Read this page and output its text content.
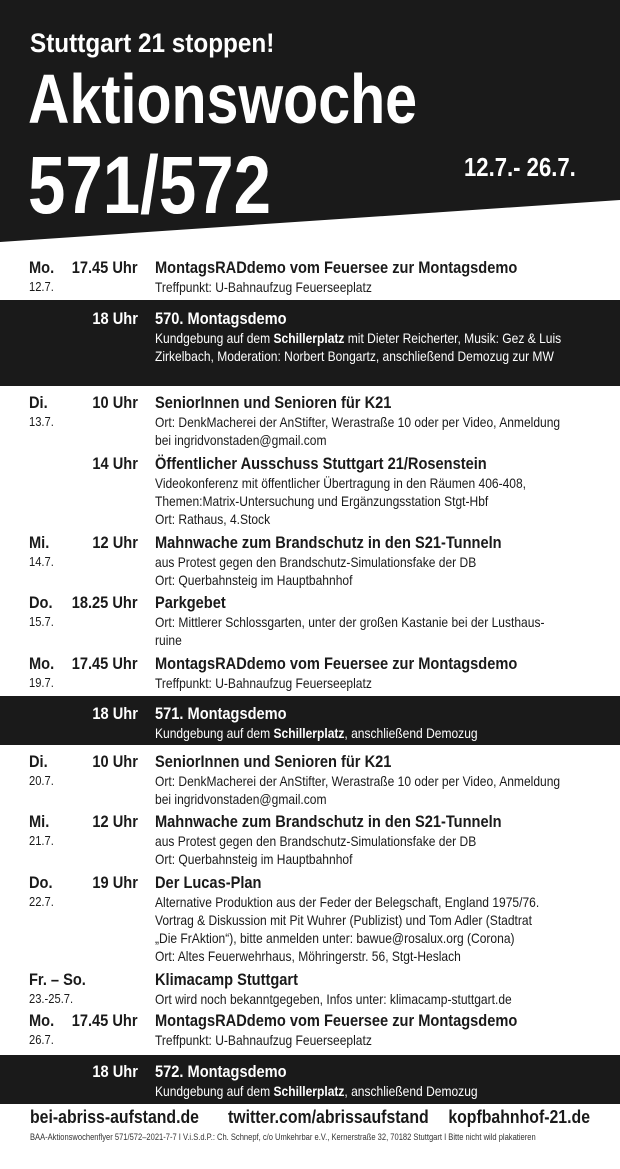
Stuttgart 21 stoppen!
Aktionswoche
571/572	12.7.- 26.7.
Mo. 17.45 Uhr
12.7.
MontagsRADdemo vom Feuersee zur Montagsdemo
Treffpunkt: U-Bahnaufzug Feuerseeplatz
18 Uhr 570. Montagsdemo
Kundgebung auf dem Schillerplatz mit Dieter Reicherter, Musik: Gez & Luis Zirkelbach, Moderation: Norbert Bongartz, anschließend Demozug zur MW
Di.	10 Uhr
13.7.
SeniorInnen und Senioren für K21
Ort: DenkMacherei der AnStifter, Werastraße 10 oder per Video, Anmeldung
bei ingridvonstaden@gmail.com
14 Uhr Öffentlicher Ausschuss Stuttgart 21/Rosenstein
Videokonferenz mit öffentlicher Übertragung in den Räumen 406-408,
Themen:Matrix-Untersuchung und Ergänzungsstation Stgt-Hbf
Ort: Rathaus, 4.Stock
Mi.	12 Uhr
14.7.
Mahnwache zum Brandschutz in den S21-Tunneln
aus Protest gegen den Brandschutz-Simulationsfake der DB
Ort: Querbahnsteig im Hauptbahnhof
Do. 18.25 Uhr
15.7.
Parkgebet
Ort: Mittlerer Schlossgarten, unter der großen Kastanie bei der Lusthaus-
ruine
Mo. 17.45 Uhr
19.7.
MontagsRADdemo vom Feuersee zur Montagsdemo
Treffpunkt: U-Bahnaufzug Feuerseeplatz
18 Uhr 571. Montagsdemo
Kundgebung auf dem Schillerplatz, anschließend Demozug
Di.	10 Uhr
20.7.
SeniorInnen und Senioren für K21
Ort: DenkMacherei der AnStifter, Werastraße 10 oder per Video, Anmeldung
bei ingridvonstaden@gmail.com
Mi.	12 Uhr
21.7.
Mahnwache zum Brandschutz in den S21-Tunneln
aus Protest gegen den Brandschutz-Simulationsfake der DB
Ort: Querbahnsteig im Hauptbahnhof
Do. 19 Uhr
22.7.
Der Lucas-Plan
Alternative Produktion aus der Feder der Belegschaft, England 1975/76.
Vortrag & Diskussion mit Pit Wuhrer (Publizist) und Tom Adler (Stadtrat
„Die FrAktion“), bitte anmelden unter: bawue@rosalux.org (Corona)
Ort: Altes Feuerwehrhaus, Möhringerstr. 56, Stgt-Heslach
Fr. – So.
23.-25.7.
Klimacamp Stuttgart
Ort wird noch bekanntgegeben, Infos unter: klimacamp-stuttgart.de
Mo. 17.45 Uhr
26.7.
MontagsRADdemo vom Feuersee zur Montagsdemo
Treffpunkt: U-Bahnaufzug Feuerseeplatz
18 Uhr 572. Montagsdemo
Kundgebung auf dem Schillerplatz, anschließend Demozug
bei-abriss-aufstand.de twitter.com/abrissaufstand kopfbahnhof-21.de
BAA-Aktionswochenflyer 571/572–2021-7-7 I V.i.S.d.P.: Ch. Schnepf, c/o Umkehrbar e.V., Kernerstraße 32, 70182 Stuttgart I Bitte nicht wild plakatieren
